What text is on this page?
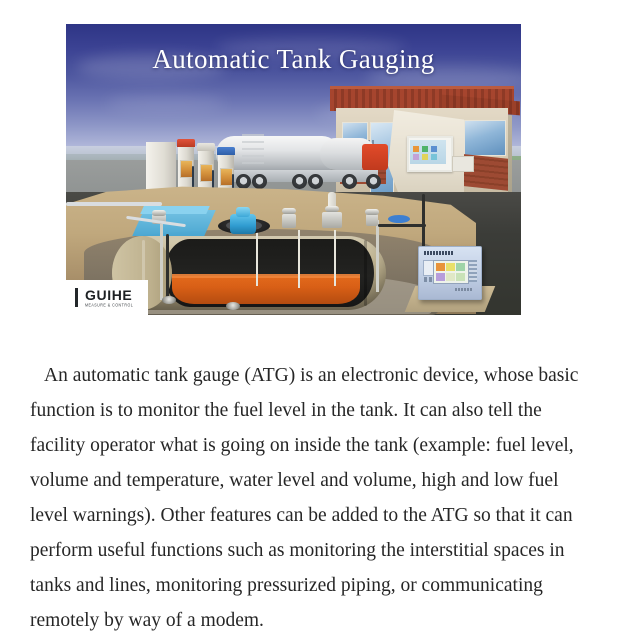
Automatic Tank Gauging
GUIHE
MEASURE & CONTROL

An automatic tank gauge (ATG) is an electronic device, whose basic function is to monitor the fuel level in the tank. It can also tell the facility operator what is going on inside the tank (example: fuel level, volume and temperature, water level and volume, high and low fuel level warnings). Other features can be added to the ATG so that it can perform useful functions such as monitoring the interstitial spaces in tanks and lines, monitoring pressurized piping, or communicating remotely by way of a modem.
